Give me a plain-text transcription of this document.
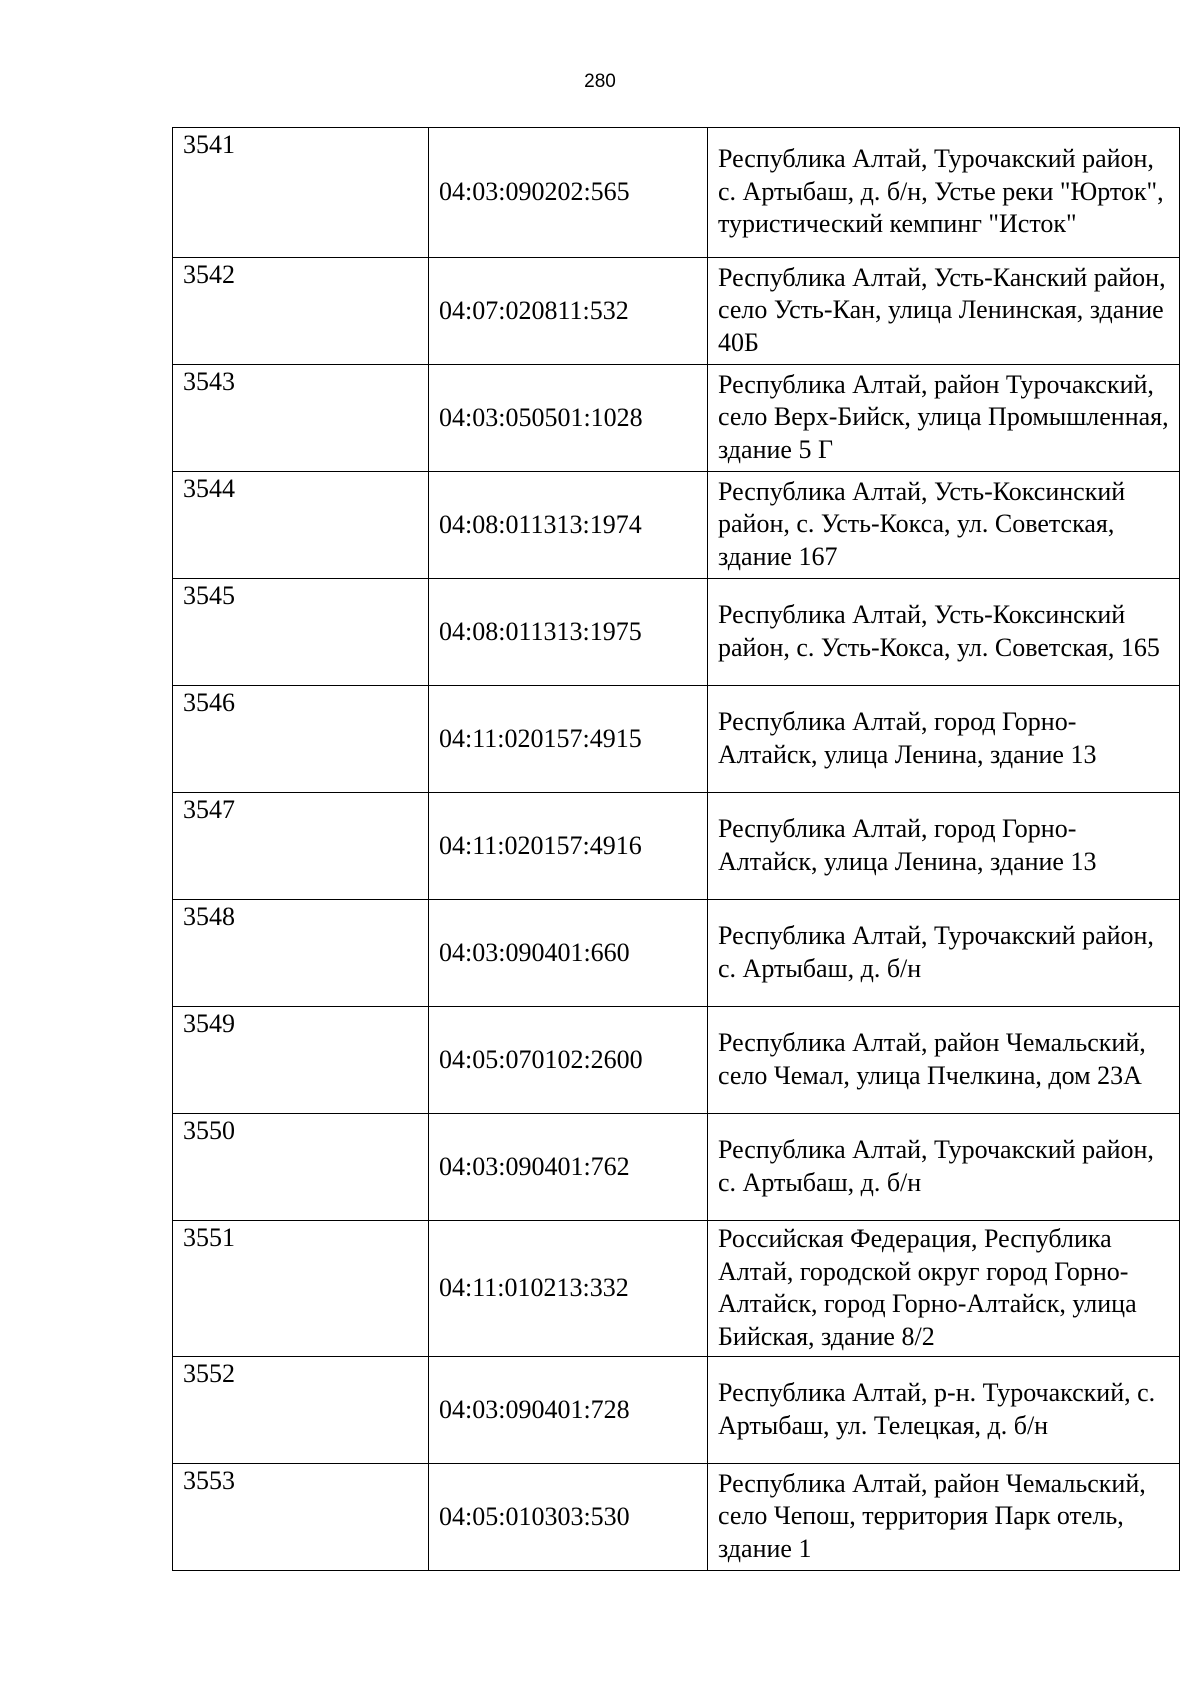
280
3541	04:03:090202:565	Республика Алтай, Турочакский район, с. Артыбаш, д. б/н, Устье реки "Юрток", туристический кемпинг "Исток"
3542	04:07:020811:532	Республика Алтай, Усть-Канский район, село Усть-Кан, улица Ленинская, здание 40Б
3543	04:03:050501:1028	Республика Алтай, район Турочакский, село Верх-Бийск, улица Промышленная, здание 5 Г
3544	04:08:011313:1974	Республика Алтай, Усть-Коксинский район, с. Усть-Кокса, ул. Советская, здание 167
3545	04:08:011313:1975	Республика Алтай, Усть-Коксинский район, с. Усть-Кокса, ул. Советская, 165
3546	04:11:020157:4915	Республика Алтай, город Горно-Алтайск, улица Ленина, здание 13
3547	04:11:020157:4916	Республика Алтай, город Горно-Алтайск, улица Ленина, здание 13
3548	04:03:090401:660	Республика Алтай, Турочакский район, с. Артыбаш, д. б/н
3549	04:05:070102:2600	Республика Алтай, район Чемальский, село Чемал, улица Пчелкина, дом 23А
3550	04:03:090401:762	Республика Алтай, Турочакский район, с. Артыбаш, д. б/н
3551	04:11:010213:332	Российская Федерация, Республика Алтай, городской округ город Горно-Алтайск, город Горно-Алтайск, улица Бийская, здание 8/2
3552	04:03:090401:728	Республика Алтай, р-н. Турочакский, с. Артыбаш, ул. Телецкая, д. б/н
3553	04:05:010303:530	Республика Алтай, район Чемальский, село Чепош, территория Парк отель, здание 1
